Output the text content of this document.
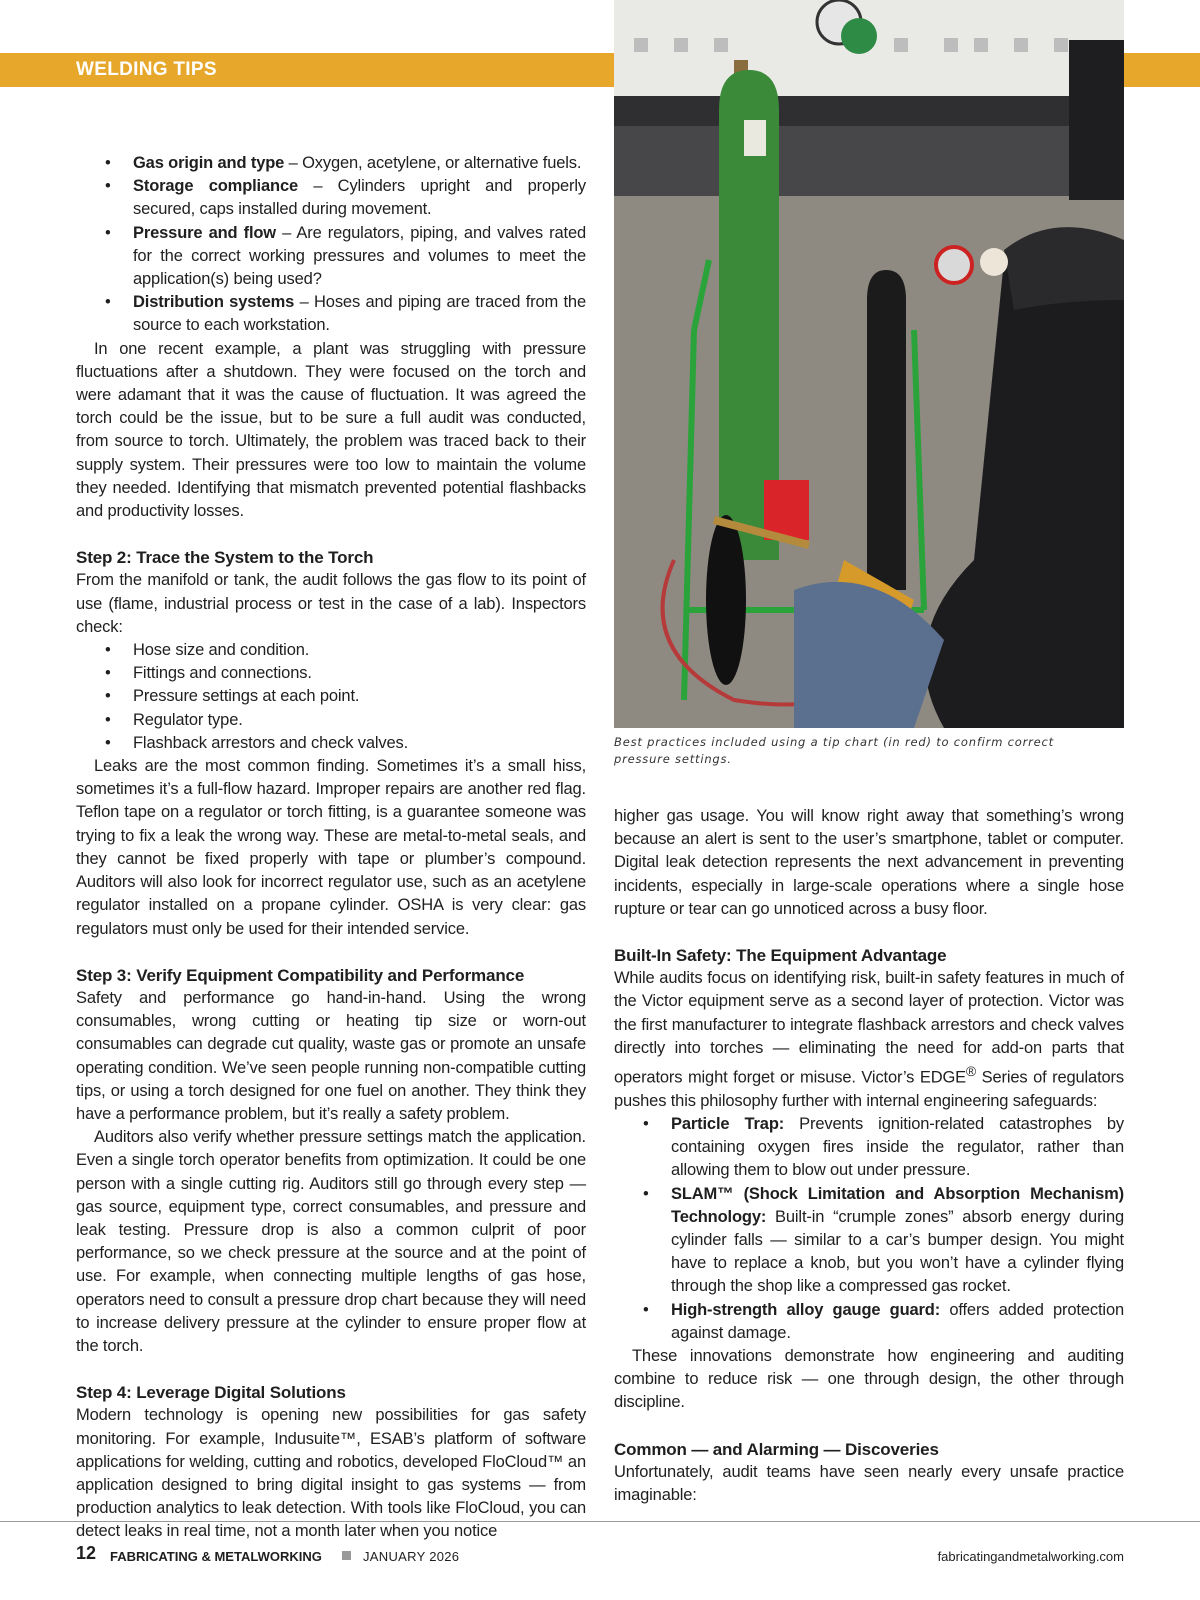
WELDING TIPS
Best practices included using a tip chart (in red) to confirm correct pressure settings.
• Gas origin and type – Oxygen, acetylene, or alternative fuels.
• Storage compliance – Cylinders upright and properly secured, caps installed during movement.
• Pressure and flow – Are regulators, piping, and valves rated for the correct working pressures and volumes to meet the application(s) being used?
• Distribution systems – Hoses and piping are traced from the source to each workstation.

In one recent example, a plant was struggling with pressure fluctuations after a shutdown. They were focused on the torch and were adamant that it was the cause of fluctuation. It was agreed the torch could be the issue, but to be sure a full audit was conducted, from source to torch. Ultimately, the problem was traced back to their supply system. Their pressures were too low to maintain the volume they needed. Identifying that mismatch prevented potential flashbacks and productivity losses.

Step 2: Trace the System to the Torch

From the manifold or tank, the audit follows the gas flow to its point of use (flame, industrial process or test in the case of a lab). Inspectors check:

• Hose size and condition.
• Fittings and connections.
• Pressure settings at each point.
• Regulator type.
• Flashback arrestors and check valves.

Leaks are the most common finding. Sometimes it’s a small hiss, sometimes it’s a full-flow hazard. Improper repairs are another red flag. Teflon tape on a regulator or torch fitting, is a guarantee someone was trying to fix a leak the wrong way. These are metal-to-metal seals, and they cannot be fixed properly with tape or plumber’s compound. Auditors will also look for incorrect regulator use, such as an acetylene regulator installed on a propane cylinder. OSHA is very clear: gas regulators must only be used for their intended service.

Step 3: Verify Equipment Compatibility and Performance

Safety and performance go hand-in-hand. Using the wrong consumables, wrong cutting or heating tip size or worn-out consumables can degrade cut quality, waste gas or promote an unsafe operating condition. We’ve seen people running non-compatible cutting tips, or using a torch designed for one fuel on another. They think they have a performance problem, but it’s really a safety problem.

Auditors also verify whether pressure settings match the application. Even a single torch operator benefits from optimization. It could be one person with a single cutting rig. Auditors still go through every step — gas source, equipment type, correct consumables, and pressure and leak testing. Pressure drop is also a common culprit of poor performance, so we check pressure at the source and at the point of use. For example, when connecting multiple lengths of gas hose, operators need to consult a pressure drop chart because they will need to increase delivery pressure at the cylinder to ensure proper flow at the torch.

Step 4: Leverage Digital Solutions

Modern technology is opening new possibilities for gas safety monitoring. For example, Indusuite™, ESAB’s platform of software applications for welding, cutting and robotics, developed FloCloud™ an application designed to bring digital insight to gas systems — from production analytics to leak detection. With tools like FloCloud, you can detect leaks in real time, not a month later when you notice

higher gas usage. You will know right away that something’s wrong because an alert is sent to the user’s smartphone, tablet or computer. Digital leak detection represents the next advancement in preventing incidents, especially in large-scale operations where a single hose rupture or tear can go unnoticed across a busy floor.

Built-In Safety: The Equipment Advantage

While audits focus on identifying risk, built-in safety features in much of the Victor equipment serve as a second layer of protection. Victor was the first manufacturer to integrate flashback arrestors and check valves directly into torches — eliminating the need for add-on parts that operators might forget or misuse. Victor’s EDGE® Series of regulators pushes this philosophy further with internal engineering safeguards:

• Particle Trap: Prevents ignition-related catastrophes by containing oxygen fires inside the regulator, rather than allowing them to blow out under pressure.
• SLAM™ (Shock Limitation and Absorption Mechanism) Technology: Built-in “crumple zones” absorb energy during cylinder falls — similar to a car’s bumper design. You might have to replace a knob, but you won’t have a cylinder flying through the shop like a compressed gas rocket.
• High-strength alloy gauge guard: offers added protection against damage.

These innovations demonstrate how engineering and auditing combine to reduce risk — one through design, the other through discipline.

Common — and Alarming — Discoveries

Unfortunately, audit teams have seen nearly every unsafe practice imaginable:

12 FABRICATING & METALWORKING	JANUARY 2026	fabricatingandmetalworking.com
